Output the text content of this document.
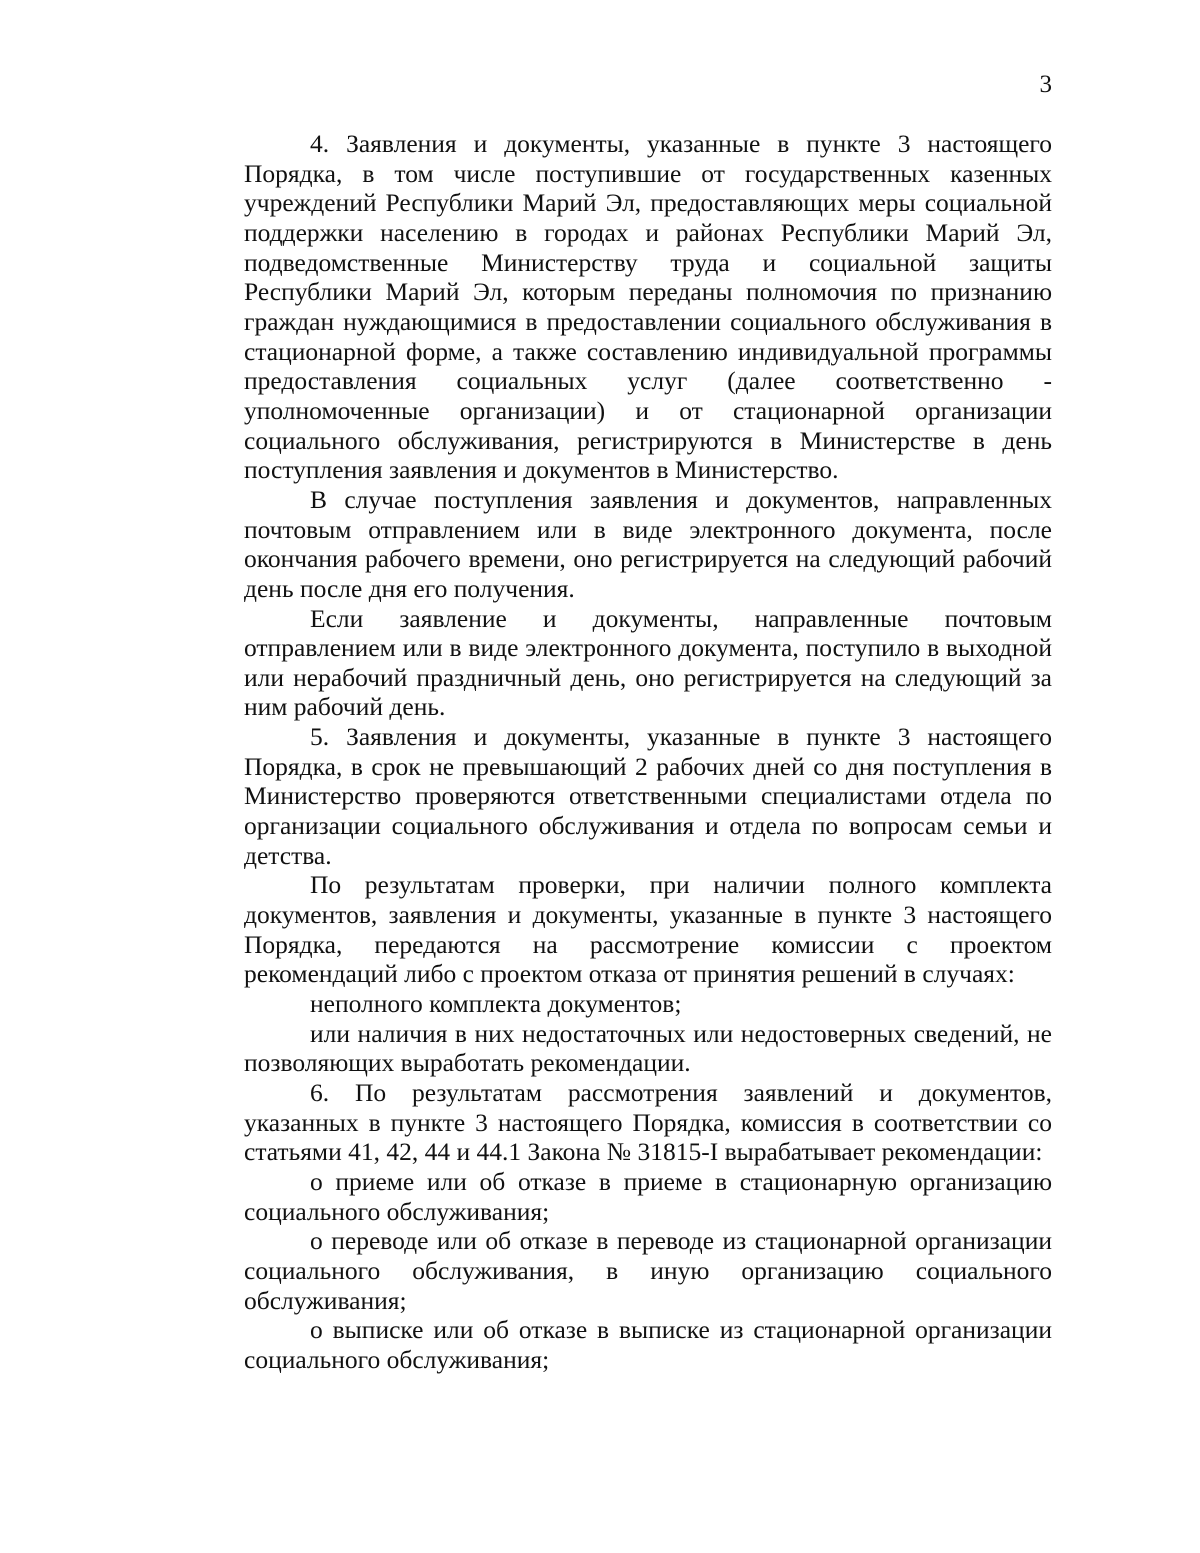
3

4. Заявления и документы, указанные в пункте 3 настоящего Порядка, в том числе поступившие от государственных казенных учреждений Республики Марий Эл, предоставляющих меры социальной поддержки населению в городах и районах Республики Марий Эл, подведомственные Министерству труда и социальной защиты Республики Марий Эл, которым переданы полномочия по признанию граждан нуждающимися в предоставлении социального обслуживания в стационарной форме, а также составлению индивидуальной программы предоставления социальных услуг (далее соответственно - уполномоченные организации) и от стационарной организации социального обслуживания, регистрируются в Министерстве в день поступления заявления и документов в Министерство.

В случае поступления заявления и документов, направленных почтовым отправлением или в виде электронного документа, после окончания рабочего времени, оно регистрируется на следующий рабочий день после дня его получения.

Если заявление и документы, направленные почтовым отправлением или в виде электронного документа, поступило в выходной или нерабочий праздничный день, оно регистрируется на следующий за ним рабочий день.

5. Заявления и документы, указанные в пункте 3 настоящего Порядка, в срок не превышающий 2 рабочих дней со дня поступления в Министерство проверяются ответственными специалистами отдела по организации социального обслуживания и отдела по вопросам семьи и детства.

По результатам проверки, при наличии полного комплекта документов, заявления и документы, указанные в пункте 3 настоящего Порядка, передаются на рассмотрение комиссии с проектом рекомендаций либо с проектом отказа от принятия решений в случаях:

неполного комплекта документов;

или наличия в них недостаточных или недостоверных сведений, не позволяющих выработать рекомендации.

6. По результатам рассмотрения заявлений и документов, указанных в пункте 3 настоящего Порядка, комиссия в соответствии со статьями 41, 42, 44 и 44.1 Закона № 31815-I вырабатывает рекомендации:

о приеме или об отказе в приеме в стационарную организацию социального обслуживания;

о переводе или об отказе в переводе из стационарной организации социального обслуживания, в иную организацию социального обслуживания;

о выписке или об отказе в выписке из стационарной организации социального обслуживания;
